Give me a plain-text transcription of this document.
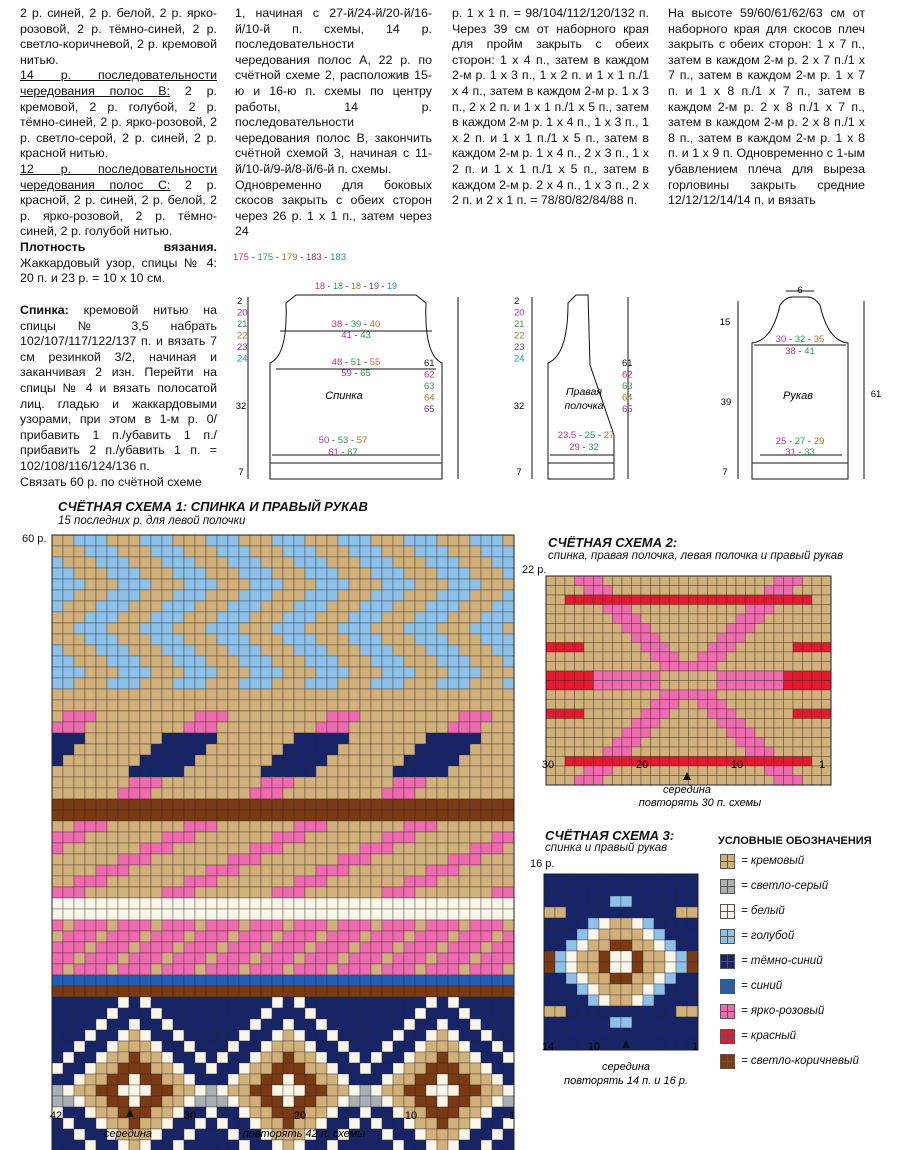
2 р. синей, 2 р. белой, 2 р. ярко-розовой, 2 р. тёмно-синей, 2 р. светло-коричневой, 2 р. кремовой нитью.

14 р. последовательности чередования полос B: 2 р. кремовой, 2 р. голубой, 2 р. тёмно-синей, 2 р. ярко-розовой, 2 р. светло-серой, 2 р. синей, 2 р. красной нитью.

12 р. последовательности чередования полос C: 2 р. красной, 2 р. синей, 2 р. белой, 2 р. ярко-розовой, 2 р. тёмно-синей, 2 р. голубой нитью.

Плотность вязания. Жаккардовый узор, спицы № 4: 20 п. и 23 р. = 10 х 10 см.

Спинка: кремовой нитью на спицы № 3,5 набрать 102/107/117/122/137 п. и вязать 7 см резинкой 3/2, начиная и заканчивая 2 изн. Перейти на спицы № 4 и вязать полосатой лиц. гладью и жаккардовыми узорами, при этом в 1-м р. 0/прибавить 1 п./убавить 1 п./прибавить 2 п./убавить 1 п. = 102/108/116/124/136 п.

Связать 60 р. по счётной схеме

1, начиная с 27-й/24-й/20-й/16-й/10-й п. схемы, 14 р. последовательности чередования полос A, 22 р. по счётной схеме 2, расположив 15-ю и 16-ю п. схемы по центру работы, 14 р. последовательности чередования полос B, закончить счётной схемой 3, начиная с 11-й/10-й/9-й/8-й/6-й п. схемы.

Одновременно для боковых скосов закрыть с обеих сторон через 26 р. 1 х 1 п., затем через 24

р. 1 х 1 п. = 98/104/112/120/132 п. Через 39 см от наборного края для пройм закрыть с обеих сторон: 1 х 4 п., затем в каждом 2-м р. 1 х 3 п., 1 х 2 п. и 1 х 1 п./1 х 4 п., затем в каждом 2-м р. 1 х 3 п., 2 х 2 п. и 1 х 1 п./1 х 5 п., затем в каждом 2-м р. 1 х 4 п., 1 х 3 п., 1 х 2 п. и 1 х 1 п./1 х 5 п., затем в каждом 2-м р. 1 х 4 п., 2 х 3 п., 1 х 2 п. и 1 х 1 п./1 х 5 п., затем в каждом 2-м р. 2 х 4 п., 1 х 3 п., 2 х 2 п. и 2 х 1 п. = 78/80/82/84/88 п.

На высоте 59/60/61/62/63 см от наборного края для скосов плеч закрыть с обеих сторон: 1 х 7 п., затем в каждом 2-м р. 2 х 7 п./1 х 7 п., затем в каждом 2-м р. 1 х 7 п. и 1 х 8 п./1 х 7 п., затем в каждом 2-м р. 2 х 8 п./1 х 7 п., затем в каждом 2-м р. 2 х 8 п./1 х 8 п., затем в каждом 2-м р. 1 х 8 п. и 1 х 9 п. Одновременно с 1-ым убавлением плеча для выреза горловины закрыть средние 12/12/12/14/14 п. и вязать

175 - 175 - 179 - 183 - 183
18 - 18 - 18 - 19 - 19
2
20
21
22
23
24
38 - 39 - 40
41 - 43
48 - 51 - 55
59 - 65
Спинка
50 - 53 - 57
61 - 67
61
62
63
64
65
32
7
2
20
21
22
23
24	61
62
63
64
65
Правая
полочка
23.5 - 25 - 27
29 - 32
32
7
6
15
30 - 32 - 35
38 - 41
Рукав
25 - 27 - 29
31 - 33
39
61
7
СЧЁТНАЯ СХЕМА 1: СПИНКА И ПРАВЫЙ РУКАВ
15 последних р. для левой полочки
60 р.	СЧЁТНАЯ СХЕМА 2:
спинка, правая полочка, левая полочка и правый рукав
22 р.
СЧЁТНАЯ СХЕМА 3:
спинка и правый рукав
16 р.
УСЛОВНЫЕ ОБОЗНАЧЕНИЯ
= кремовый
= светло-серый
= белый
= голубой
= тёмно-синий
= синий
= ярко-розовый
= красный
= светло-коричневый
42	30	20	10	1
середина	повторять 42 п. схемы
30	20	10	1
середина
повторять 30 п. схемы
14	10	1
середина
повторять 14 п. и 16 р.
